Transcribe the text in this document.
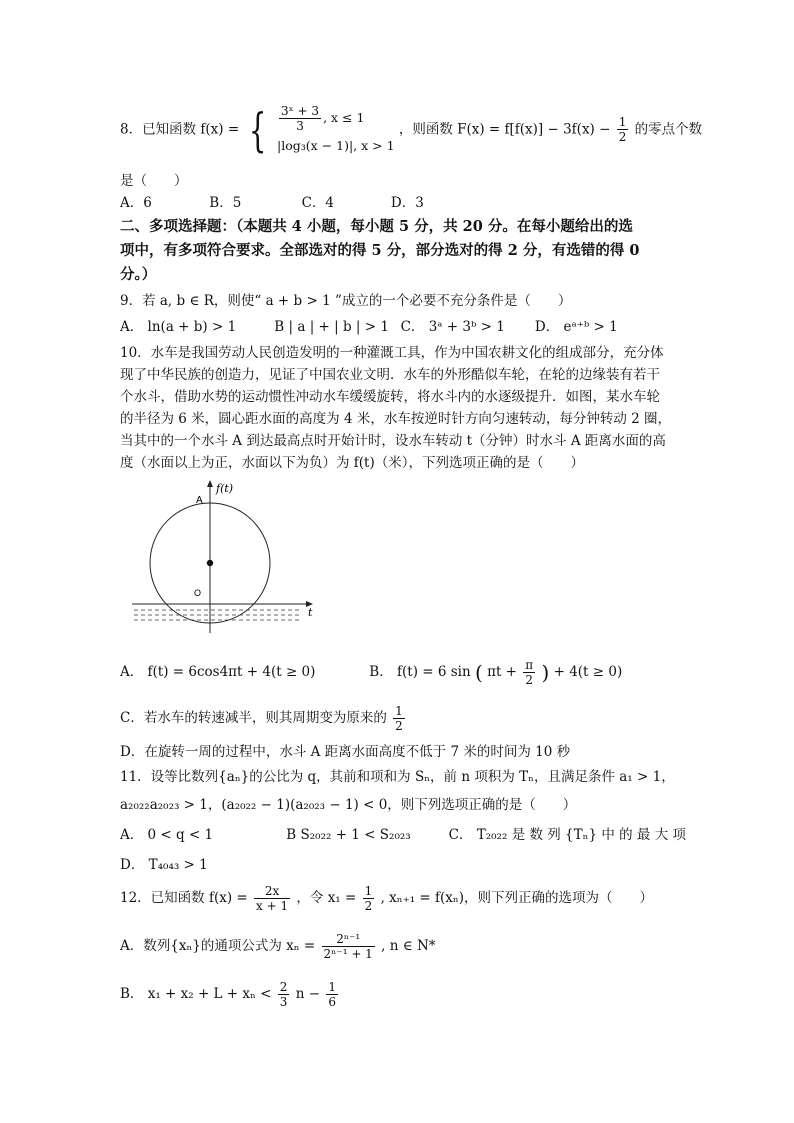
8．已知函数 f(x) = { $\frac{\text{3ˣ + 3}}{3}$ , x ≤ 1
|log₃(x − 1)|, x > 1
，则函数 $F(x) = f[f(x)] - 3f(x) - \frac{1}{2}$ 的零点个数
是（　　）
A．6	B．5	C．4	D．3
二、多项选择题：（本题共 4 小题，每小题 5 分，共 20 分。在每小题给出的选
项中，有多项符合要求。全部选对的得 5 分，部分选对的得 2 分，有选错的得 0
分。）
9．若 a, b ∈ R，则使“ a + b > 1 ”成立的一个必要不充分条件是（　　）
A． ln(a + b) > 1	B | a | + | b | > 1 C． 3ᵃ + 3ᵇ > 1 D． eᵃ⁺ᵇ > 1
10．水车是我国劳动人民创造发明的一种灌溉工具，作为中国农耕文化的组成部分，充分体
现了中华民族的创造力，见证了中国农业文明．水车的外形酷似车轮，在轮的边缘装有若干
个水斗，借助水势的运动惯性冲动水车缓缓旋转，将水斗内的水逐级提升．如图，某水车轮
的半径为 6 米，圆心距水面的高度为 4 米，水车按逆时针方向匀速转动，每分钟转动 2 圈，
当其中的一个水斗 A 到达最高点时开始计时，设水车转动 t（分钟）时水斗 A 距离水面的高
度（水面以上为正，水面以下为负）为 f(t)（米），下列选项正确的是（　　）
A
f(t)
O
t
A． f(t) = 6cos4πt + 4(t ≥ 0)	B． f(t) = 6 sin ( $\pi t + \frac{\pi}{2}$ ) + 4(t ≥ 0)
C．若水车的转速减半，则其周期变为原来的 $\frac{1}{2}$
D．在旋转一周的过程中，水斗 A 距离水面高度不低于 7 米的时间为 10 秒
11．设等比数列{aₙ}的公比为 q，其前和项和为 Sₙ，前 n 项积为 Tₙ，且满足条件 a₁ > 1，
a₂₀₂₂a₂₀₂₃ > 1，(a₂₀₂₂ − 1)(a₂₀₂₃ − 1) < 0，则下列选项正确的是（　　）
A． 0 < q < 1	B S₂₀₂₂ + 1 < S₂₀₂₃	C． T₂₀₂₂ 是 数 列 {Tₙ} 中 的 最 大 项
D． T₄₀₄₃ > 1
12．已知函数 $f(x) = \frac{2x}{x + 1}$ ，令 $x_1 = \frac{1}{2}$ , xₙ₊₁ = f(xₙ)，则下列正确的选项为（　　）
A．数列{xₙ}的通项公式为 $x_n = \frac{\text{2ⁿ⁻¹}}{\text{2ⁿ⁻¹ + 1}}$ , n ∈ N*
B． $x_1 + x_2 + L + x_n < \frac{2}{3}$ $n - \frac{1}{6}$
